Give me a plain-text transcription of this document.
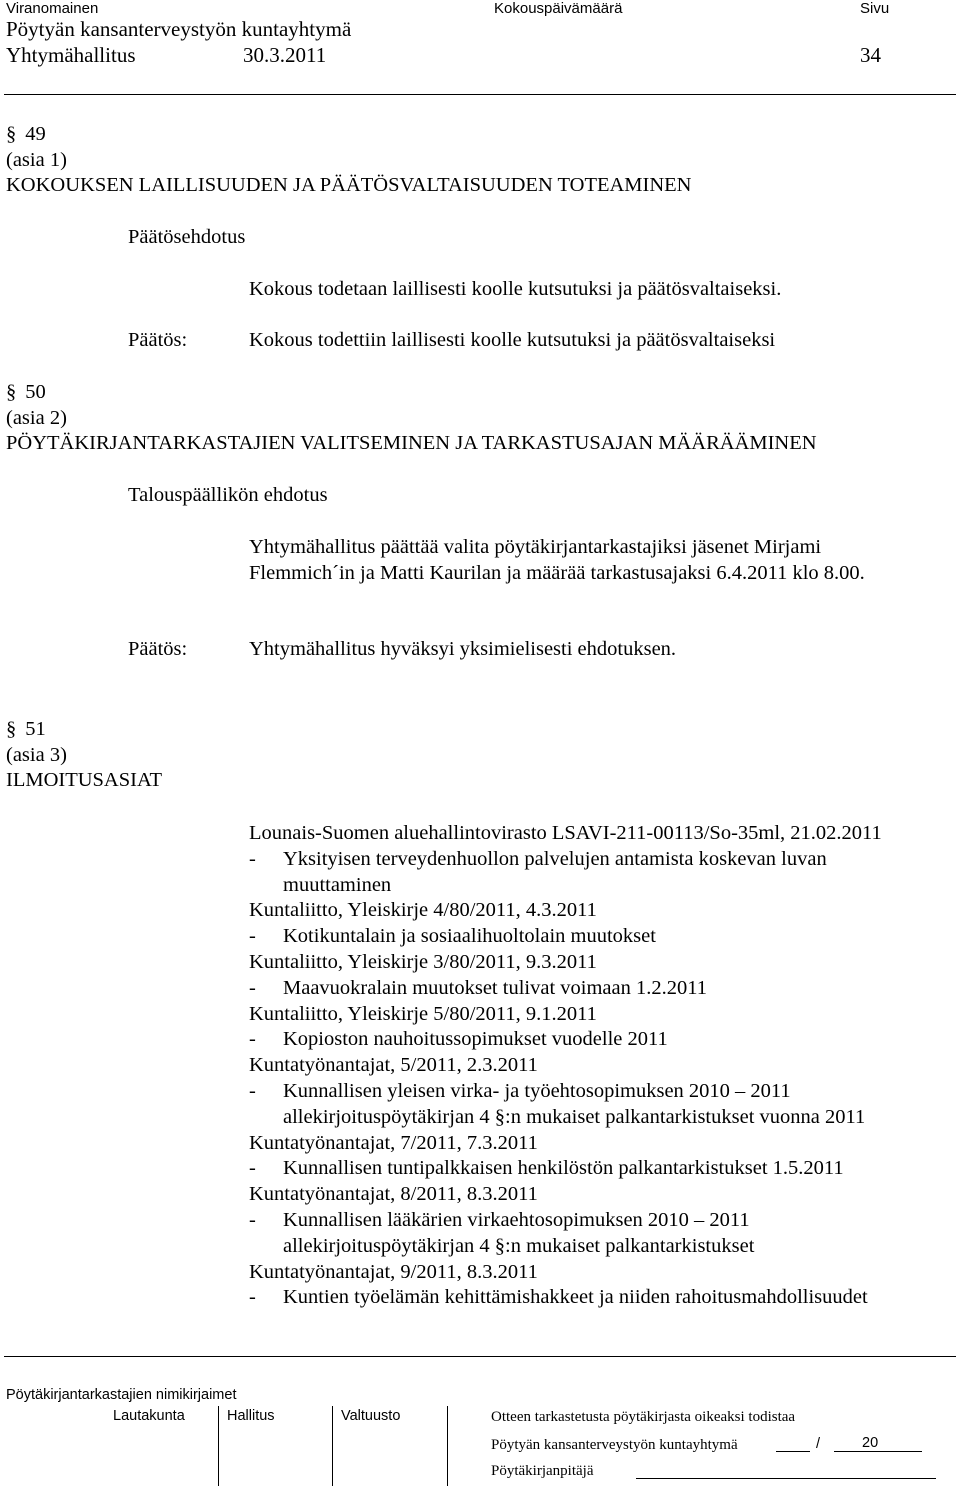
Viranomainen	Kokouspäivämäärä	Sivu
Pöytyän kansanterveystyön kuntayhtymä
Yhtymähallitus	30.3.2011	34
§ 49
(asia 1)
KOKOUKSEN LAILLISUUDEN JA PÄÄTÖSVALTAISUUDEN TOTEAMINEN
Päätösehdotus
Kokous todetaan laillisesti koolle kutsutuksi ja päätösvaltaiseksi.
Päätös:	Kokous todettiin laillisesti koolle kutsutuksi ja päätösvaltaiseksi
§ 50
(asia 2)
PÖYTÄKIRJANTARKASTAJIEN VALITSEMINEN JA TARKASTUSAJAN MÄÄRÄÄMINEN
Talouspäällikön ehdotus
Yhtymähallitus päättää valita pöytäkirjantarkastajiksi jäsenet Mirjami
Flemmich´in ja Matti Kaurilan ja määrää tarkastusajaksi 6.4.2011 klo 8.00.
Päätös:	Yhtymähallitus hyväksyi yksimielisesti ehdotuksen.
§ 51
(asia 3)
ILMOITUSASIAT
Lounais-Suomen aluehallintovirasto LSAVI-211-00113/So-35ml, 21.02.2011
- Yksityisen terveydenhuollon palvelujen antamista koskevan luvan
muuttaminen
Kuntaliitto, Yleiskirje 4/80/2011, 4.3.2011
- Kotikuntalain ja sosiaalihuoltolain muutokset
Kuntaliitto, Yleiskirje 3/80/2011, 9.3.2011
- Maavuokralain muutokset tulivat voimaan 1.2.2011
Kuntaliitto, Yleiskirje 5/80/2011, 9.1.2011
- Kopioston nauhoitussopimukset vuodelle 2011
Kuntatyönantajat, 5/2011, 2.3.2011
- Kunnallisen yleisen virka- ja työehtosopimuksen 2010 – 2011
allekirjoituspöytäkirjan 4 §:n mukaiset palkantarkistukset vuonna 2011
Kuntatyönantajat, 7/2011, 7.3.2011
- Kunnallisen tuntipalkkaisen henkilöstön palkantarkistukset 1.5.2011
Kuntatyönantajat, 8/2011, 8.3.2011
- Kunnallisen lääkärien virkaehtosopimuksen 2010 – 2011
allekirjoituspöytäkirjan 4 §:n mukaiset palkantarkistukset
Kuntatyönantajat, 9/2011, 8.3.2011
- Kuntien työelämän kehittämishakkeet ja niiden rahoitusmahdollisuudet
Pöytäkirjantarkastajien nimikirjaimet
Lautakunta	Hallitus	Valtuusto	Otteen tarkastetusta pöytäkirjasta oikeaksi todistaa
Pöytyän kansanterveystyön kuntayhtymä	/	20
Pöytäkirjanpitäjä
